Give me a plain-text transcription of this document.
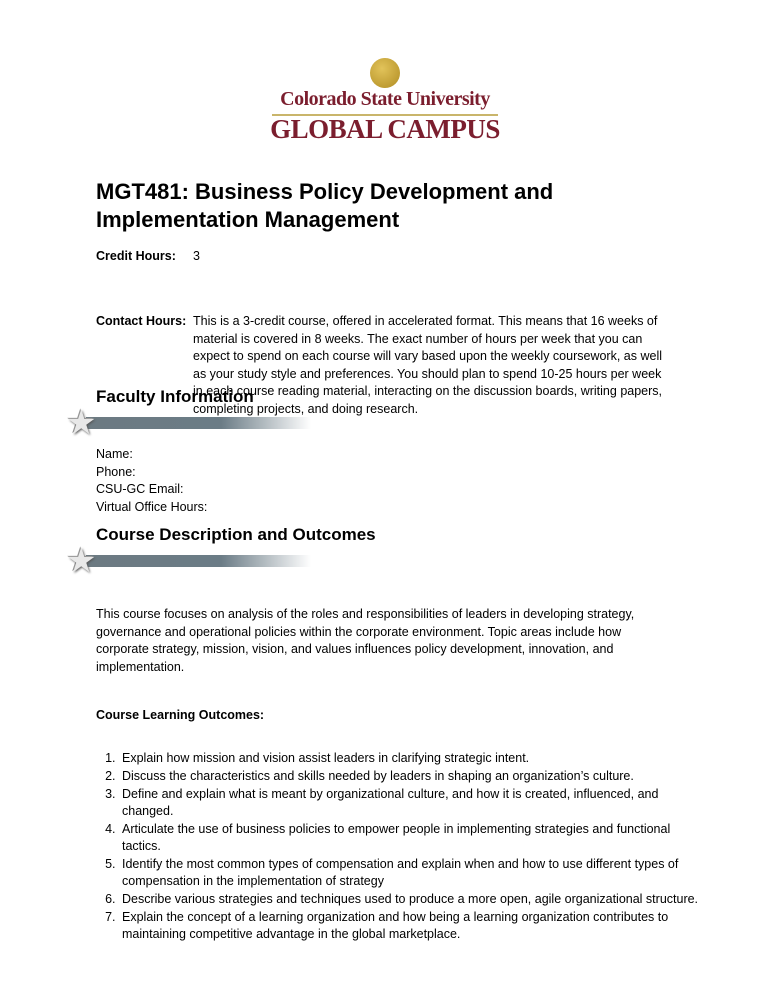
Colorado State University
GLOBAL CAMPUS
MGT481: Business Policy Development and Implementation Management
Credit Hours:	3
Contact Hours: This is a 3-credit course, offered in accelerated format. This means that 16 weeks of material is covered in 8 weeks. The exact number of hours per week that you can expect to spend on each course will vary based upon the weekly coursework, as well as your study style and preferences. You should plan to spend 10-25 hours per week in each course reading material, interacting on the discussion boards, writing papers, completing projects, and doing research.
Faculty Information
★
Name:
Phone:
CSU-GC Email:
Virtual Office Hours:
Course Description and Outcomes
★
This course focuses on analysis of the roles and responsibilities of leaders in developing strategy, governance and operational policies within the corporate environment. Topic areas include how corporate strategy, mission, vision, and values influences policy development, innovation, and implementation.
Course Learning Outcomes:
1. Explain how mission and vision assist leaders in clarifying strategic intent.
2. Discuss the characteristics and skills needed by leaders in shaping an organization’s culture.
3. Define and explain what is meant by organizational culture, and how it is created, influenced, and changed.
4. Articulate the use of business policies to empower people in implementing strategies and functional tactics.
5. Identify the most common types of compensation and explain when and how to use different types of compensation in the implementation of strategy
6. Describe various strategies and techniques used to produce a more open, agile organizational structure.
7. Explain the concept of a learning organization and how being a learning organization contributes to maintaining competitive advantage in the global marketplace.
